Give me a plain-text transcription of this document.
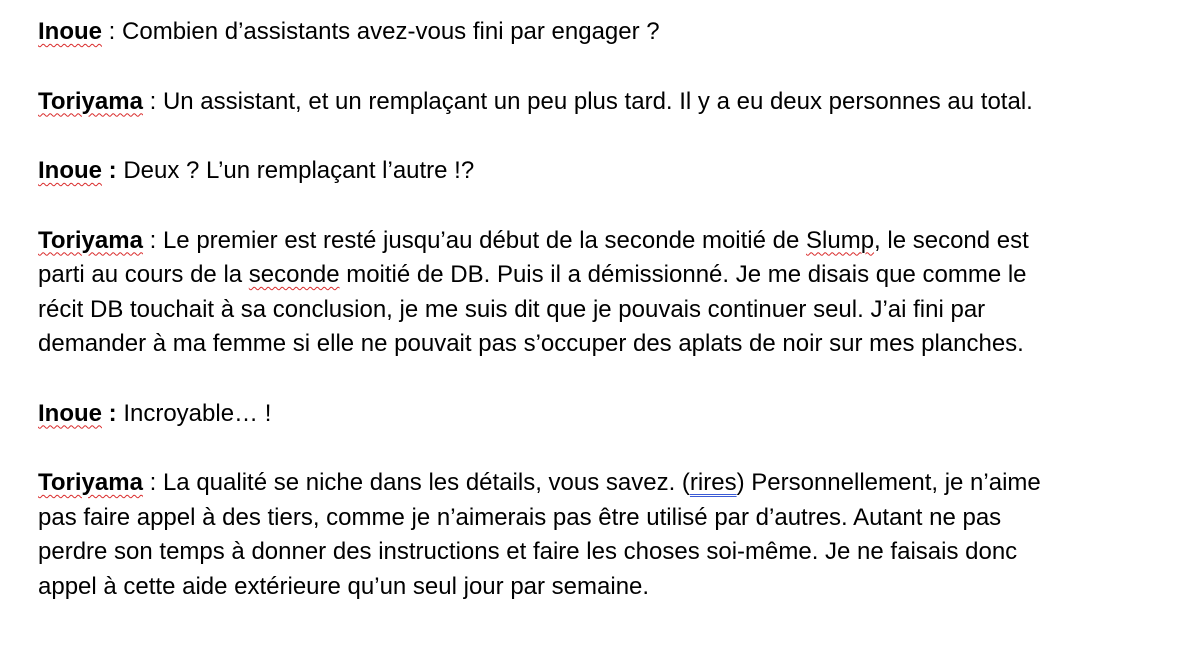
Inoue : Combien d’assistants avez-vous fini par engager ?

Toriyama : Un assistant, et un remplaçant un peu plus tard. Il y a eu deux personnes au total.

Inoue : Deux ? L’un remplaçant l’autre !?

Toriyama : Le premier est resté jusqu’au début de la seconde moitié de Slump, le second est
parti au cours de la seconde moitié de DB. Puis il a démissionné. Je me disais que comme le
récit DB touchait à sa conclusion, je me suis dit que je pouvais continuer seul. J’ai fini par
demander à ma femme si elle ne pouvait pas s’occuper des aplats de noir sur mes planches.

Inoue : Incroyable… !

Toriyama : La qualité se niche dans les détails, vous savez. (rires) Personnellement, je n’aime
pas faire appel à des tiers, comme je n’aimerais pas être utilisé par d’autres. Autant ne pas
perdre son temps à donner des instructions et faire les choses soi-même. Je ne faisais donc
appel à cette aide extérieure qu’un seul jour par semaine.
